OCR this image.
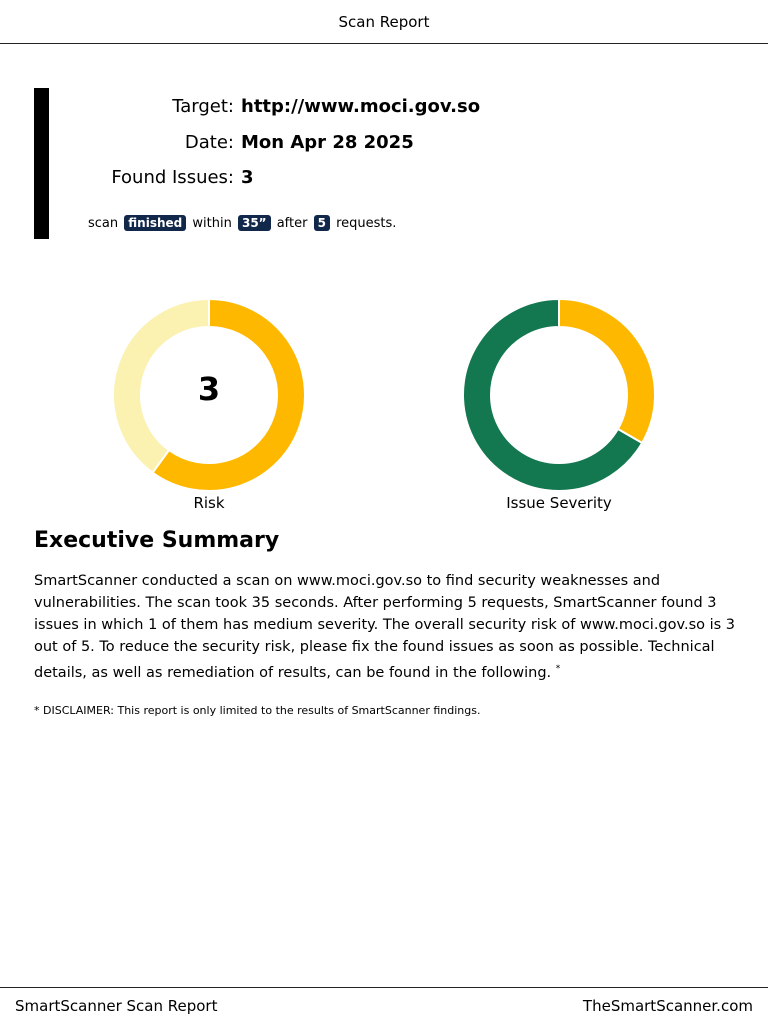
Scan Report
Target: http://www.moci.gov.so
Date: Mon Apr 28 2025
Found Issues: 3
scan finished within 35” after 5 requests.
3
Risk	Issue Severity
Executive Summary

SmartScanner conducted a scan on www.moci.gov.so to find security weaknesses and vulnerabilities. The scan took 35 seconds. After performing 5 requests, SmartScanner found 3 issues in which 1 of them has medium severity. The overall security risk of www.moci.gov.so is 3 out of 5. To reduce the security risk, please fix the found issues as soon as possible. Technical details, as well as remediation of results, can be found in the following. *

* DISCLAIMER: This report is only limited to the results of SmartScanner findings.
SmartScanner Scan Report	TheSmartScanner.com
